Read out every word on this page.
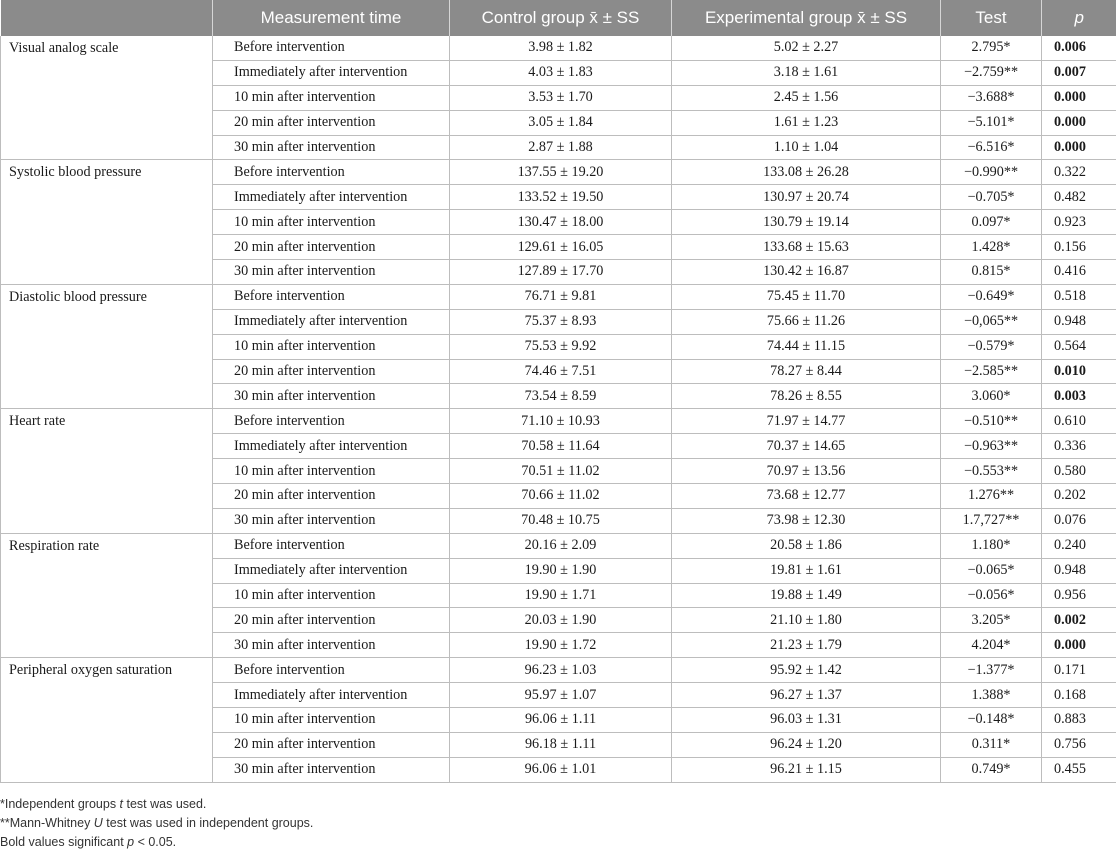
	Measurement time	Control group x̄ ± SS	Experimental group x̄ ± SS	Test	p
Visual analog scale	Before intervention	3.98 ± 1.82	5.02 ± 2.27	2.795*	0.006
	Immediately after intervention	4.03 ± 1.83	3.18 ± 1.61	−2.759**	0.007
	10 min after intervention	3.53 ± 1.70	2.45 ± 1.56	−3.688*	0.000
	20 min after intervention	3.05 ± 1.84	1.61 ± 1.23	−5.101*	0.000
	30 min after intervention	2.87 ± 1.88	1.10 ± 1.04	−6.516*	0.000
Systolic blood pressure	Before intervention	137.55 ± 19.20	133.08 ± 26.28	−0.990**	0.322
	Immediately after intervention	133.52 ± 19.50	130.97 ± 20.74	−0.705*	0.482
	10 min after intervention	130.47 ± 18.00	130.79 ± 19.14	0.097*	0.923
	20 min after intervention	129.61 ± 16.05	133.68 ± 15.63	1.428*	0.156
	30 min after intervention	127.89 ± 17.70	130.42 ± 16.87	0.815*	0.416
Diastolic blood pressure	Before intervention	76.71 ± 9.81	75.45 ± 11.70	−0.649*	0.518
	Immediately after intervention	75.37 ± 8.93	75.66 ± 11.26	−0,065**	0.948
	10 min after intervention	75.53 ± 9.92	74.44 ± 11.15	−0.579*	0.564
	20 min after intervention	74.46 ± 7.51	78.27 ± 8.44	−2.585**	0.010
	30 min after intervention	73.54 ± 8.59	78.26 ± 8.55	3.060*	0.003
Heart rate	Before intervention	71.10 ± 10.93	71.97 ± 14.77	−0.510**	0.610
	Immediately after intervention	70.58 ± 11.64	70.37 ± 14.65	−0.963**	0.336
	10 min after intervention	70.51 ± 11.02	70.97 ± 13.56	−0.553**	0.580
	20 min after intervention	70.66 ± 11.02	73.68 ± 12.77	1.276**	0.202
	30 min after intervention	70.48 ± 10.75	73.98 ± 12.30	1.7,727**	0.076
Respiration rate	Before intervention	20.16 ± 2.09	20.58 ± 1.86	1.180*	0.240
	Immediately after intervention	19.90 ± 1.90	19.81 ± 1.61	−0.065*	0.948
	10 min after intervention	19.90 ± 1.71	19.88 ± 1.49	−0.056*	0.956
	20 min after intervention	20.03 ± 1.90	21.10 ± 1.80	3.205*	0.002
	30 min after intervention	19.90 ± 1.72	21.23 ± 1.79	4.204*	0.000
Peripheral oxygen saturation	Before intervention	96.23 ± 1.03	95.92 ± 1.42	−1.377*	0.171
	Immediately after intervention	95.97 ± 1.07	96.27 ± 1.37	1.388*	0.168
	10 min after intervention	96.06 ± 1.11	96.03 ± 1.31	−0.148*	0.883
	20 min after intervention	96.18 ± 1.11	96.24 ± 1.20	0.311*	0.756
	30 min after intervention	96.06 ± 1.01	96.21 ± 1.15	0.749*	0.455
*Independent groups t test was used.
**Mann-Whitney U test was used in independent groups.
Bold values significant p < 0.05.
